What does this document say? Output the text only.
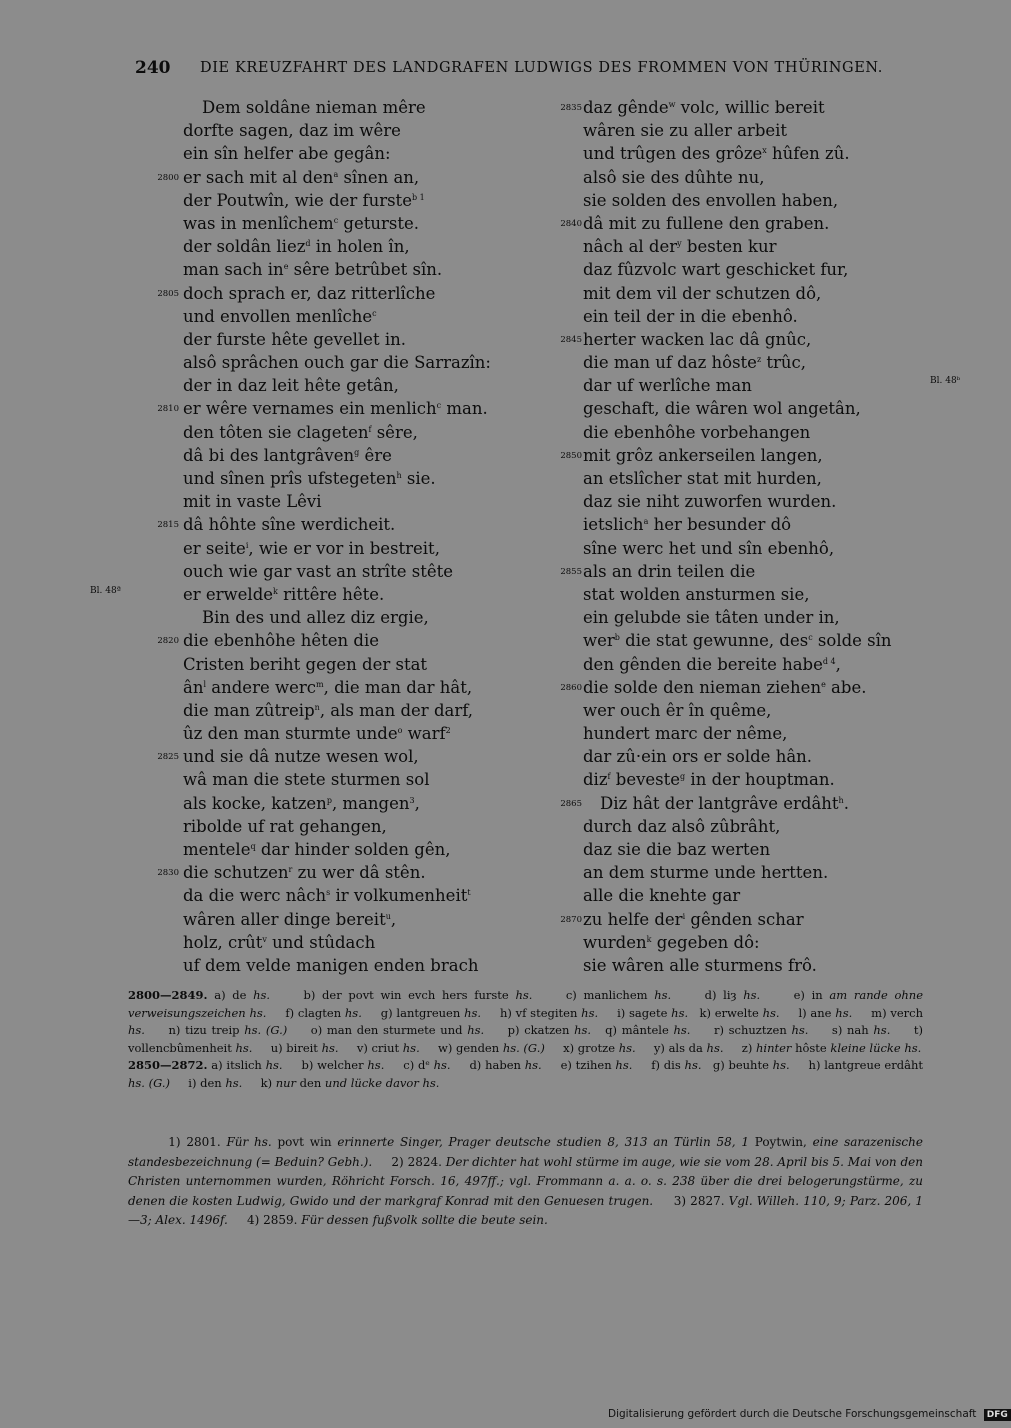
240 DIE KREUZFAHRT DES LANDGRAFEN LUDWIGS DES FROMMEN VON THÜRINGEN.
Dem soldâne nieman mêre
dorfte sagen, daz im wêre
ein sîn helfer abe gegân:
2800 er sach mit al den$^a$ sînen an,
der Poutwîn, wie der furste$^{b 1}$
was in menlîchem$^c$ geturste.
der soldân liez$^d$ in holen în,
man sach $in^e$ sêre betrûbet sîn.
2805 doch sprach er, daz ritterlîche
und envollen menlîche$^c$
der furste hête gevellet in.
alsô sprâchen ouch gar die Sarrazîn:
der in daz leit hête getân,
2810 er wêre vernames ein menlich$^c$ man.
den tôten sie clageten$^f$ sêre,
dâ bi des lantgrâven$^g$ êre
und sînen prîs ufstegeten$^h$ sie.
mit in vaste Lêvi
2815 dâ hôhte sîne werdicheit.
er seite$^i$, wie er vor in bestreit,
ouch wie gar vast an strîte stête
er erwelde$^k$ rittêre hête.
Bin des und allez diz ergie,
2820 die ebenhôhe hêten die
Cristen beriht gegen der stat
$ân^l$ andere werc$^m$, die man dar hât,
die man zûtreip$^n$, als man der darf,
ûz den man sturmte unde$^o$ warf$^2$
2825 und sie dâ nutze wesen wol,
wâ man die stete sturmen sol
als kocke, katzen$^p$, mangen$^3$,
ribolde uf rat gehangen,
mentele$^q$ dar hinder solden gên,
2830 die schutzen$^r$ zu wer dâ stên.
da die werc nâch$^s$ ir volkumenheit$^t$
wâren aller dinge bereit$^u$,
holz, crût$^v$ und stûdach
uf dem velde manigen enden brach
2835 daz gênde$^w$ volc, willic bereit
wâren sie zu aller arbeit
und trûgen des grôze$^x$ hûfen zû.
alsô sie des dûhte nu,
sie solden des envollen haben,
2840 dâ mit zu fullene den graben.
nâch al der$^y$ besten kur
daz fûzvolc wart geschicket fur,
mit dem vil der schutzen dô,
ein teil der in die ebenhô.
2845 herter wacken lac dâ gnûc,
die man uf daz hôste$^z$ trûc,
dar uf werlîche man
geschaft, die wâren wol angetân,
die ebenhôhe vorbehangen
2850 mit grôz ankerseilen langen,
an etslîcher stat mit hurden,
daz sie niht zuworfen wurden.
ietslich$^a$ her besunder dô
sîne werc het und sîn ebenhô,
2855 als an drin teilen die
stat wolden ansturmen sie,
ein gelubde sie tâten under in,
wer$^b$ die stat gewunne, des$^c$ solde sîn
den gênden die bereite habe$^{d 4}$,
2860 die solde den nieman ziehen$^e$ abe.
wer ouch êr în quême,
hundert marc der nême,
dar zû·ein ors er solde hân.
diz$^f$ beveste$^g$ in der houptman.
2865 Diz hât der lantgrâve erdâht$^h$.
durch daz alsô zûbrâht,
daz sie die baz werten
an dem sturme unde hertten.
alle die knehte gar
2870 zu helfe der$^i$ gênden schar
wurden$^k$ gegeben dô:
sie wâren alle sturmens frô.
Bl. 48ª
Bl. 48ᵇ

2800—2849. a) de hs.     b) der povt win evch hers furste hs.     c) manlichem hs.     d) liȝ hs.     e) in am rande ohne verweisungszeichen hs.     f) clagten hs.     g) lantgreuen hs.     h) vf stegiten hs.     i) sagete hs.   k) erwelte hs.     l) ane hs.     m) verch hs.     n) tizu treip hs. (G.)     o) man den sturmete und hs.     p) ckatzen hs.   q) mântele hs.     r) schuztzen hs.     s) nah hs.     t) vollencbûmenheit hs.     u) bireit hs.     v) criut hs.     w) genden hs. (G.)     x) grotze hs.     y) als da hs.     z) hinter hôste kleine lücke hs.

2850—2872. a) itslich hs.     b) welcher hs.     c) dᵉ hs.     d) haben hs.     e) tzihen hs.     f) dis hs.   g) beuhte hs.     h) lantgreue erdâht hs. (G.)     i) den hs.     k) nur den und lücke davor hs.

1) 2801. Für hs. povt win erinnerte Singer, Prager deutsche studien 8, 313 an Türlin 58, 1 Poytwin, eine sarazenische standesbezeichnung (= Beduin? Gebh.).     2) 2824. Der dichter hat wohl stürme im auge, wie sie vom 28. April bis 5. Mai von den Christen unternommen wurden, Röhricht Forsch. 16, 497ff.; vgl. Frommann a. a. o. s. 238 über die drei belogerungstürme, zu denen die kosten Ludwig, Gwido und der markgraf Konrad mit den Genuesen trugen.     3) 2827. Vgl. Willeh. 110, 9; Parz. 206, 1—3; Alex. 1496f.     4) 2859. Für dessen fußvolk sollte die beute sein.

Digitalisierung gefördert durch die Deutsche Forschungsgemeinschaft DFG
